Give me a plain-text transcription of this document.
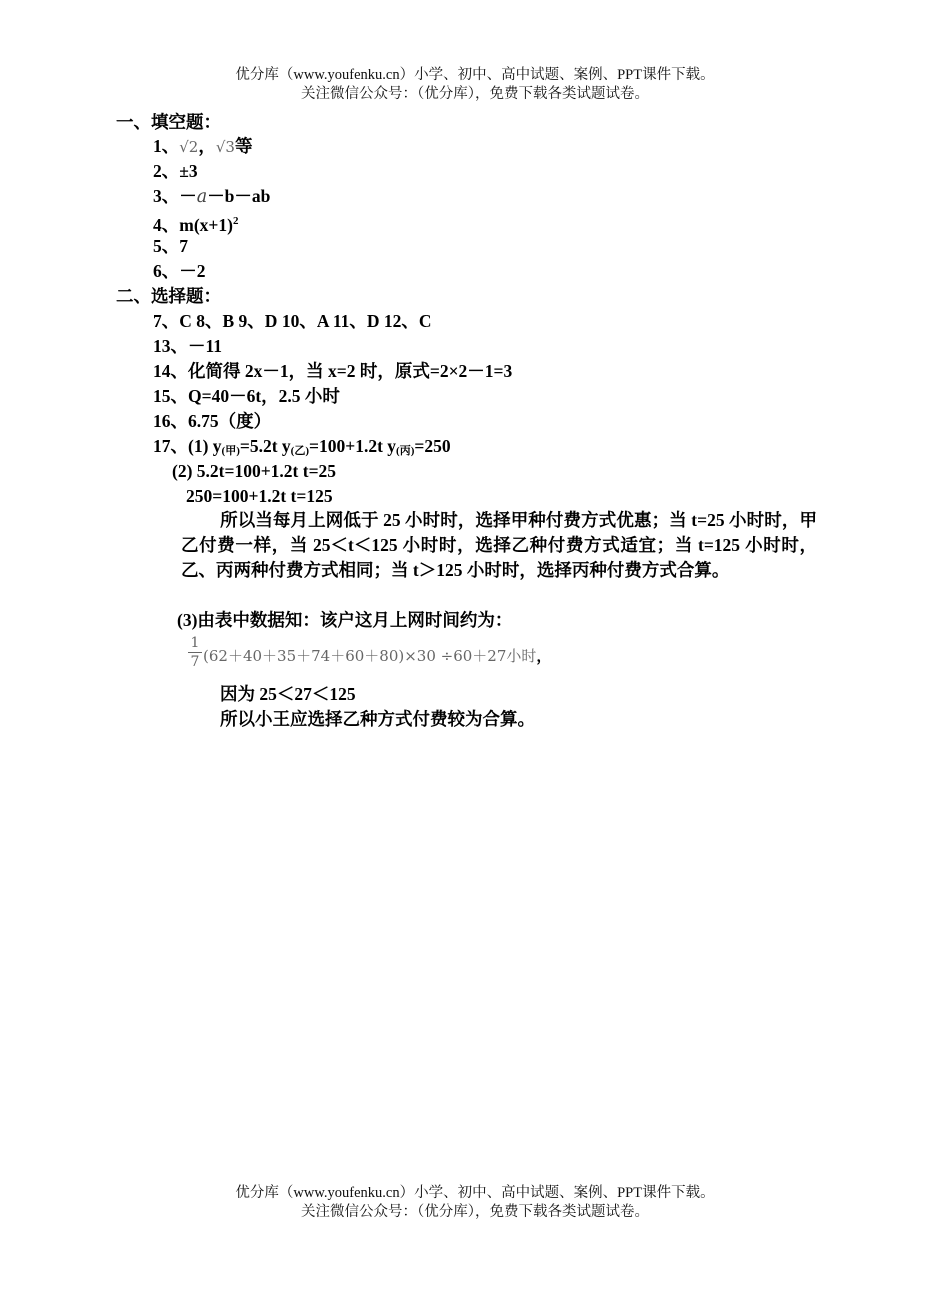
优分库（www.youfenku.cn）小学、初中、高中试题、案例、PPT课件下载。
关注微信公众号：（优分库），免费下载各类试题试卷。
一、填空题：
1、√2，√3等
2、±3
3、－a－b－ab
4、$m(x+1)^2$
5、7
6、－2
二、选择题：
7、C 8、B 9、D 10、A 11、D 12、C
13、－11
14、化简得 2x－1，当 x=2 时，原式=2×2－1=3
15、Q=40－6t，2.5 小时
16、6.75（度）
17、(1) $y_{(甲)}=5.2t$ $y_{(乙)}=100+1.2t$ $y_{(丙)}=250$
(2) 5.2t=100+1.2t t=25
250=100+1.2t t=125
所以当每月上网低于 25 小时时，选择甲种付费方式优惠；当 t=25 小时时，甲乙付费一样，当 25＜t＜125 小时时，选择乙种付费方式适宜；当 t=125 小时时，乙、丙两种付费方式相同；当 t＞125 小时时，选择丙种付费方式合算。
(3)由表中数据知：该户这月上网时间约为：
1
7 (62＋40＋35＋74＋60＋80)×30 ÷60＋27小时，
因为 25＜27＜125
所以小王应选择乙种方式付费较为合算。
优分库（www.youfenku.cn）小学、初中、高中试题、案例、PPT课件下载。
关注微信公众号：（优分库），免费下载各类试题试卷。
